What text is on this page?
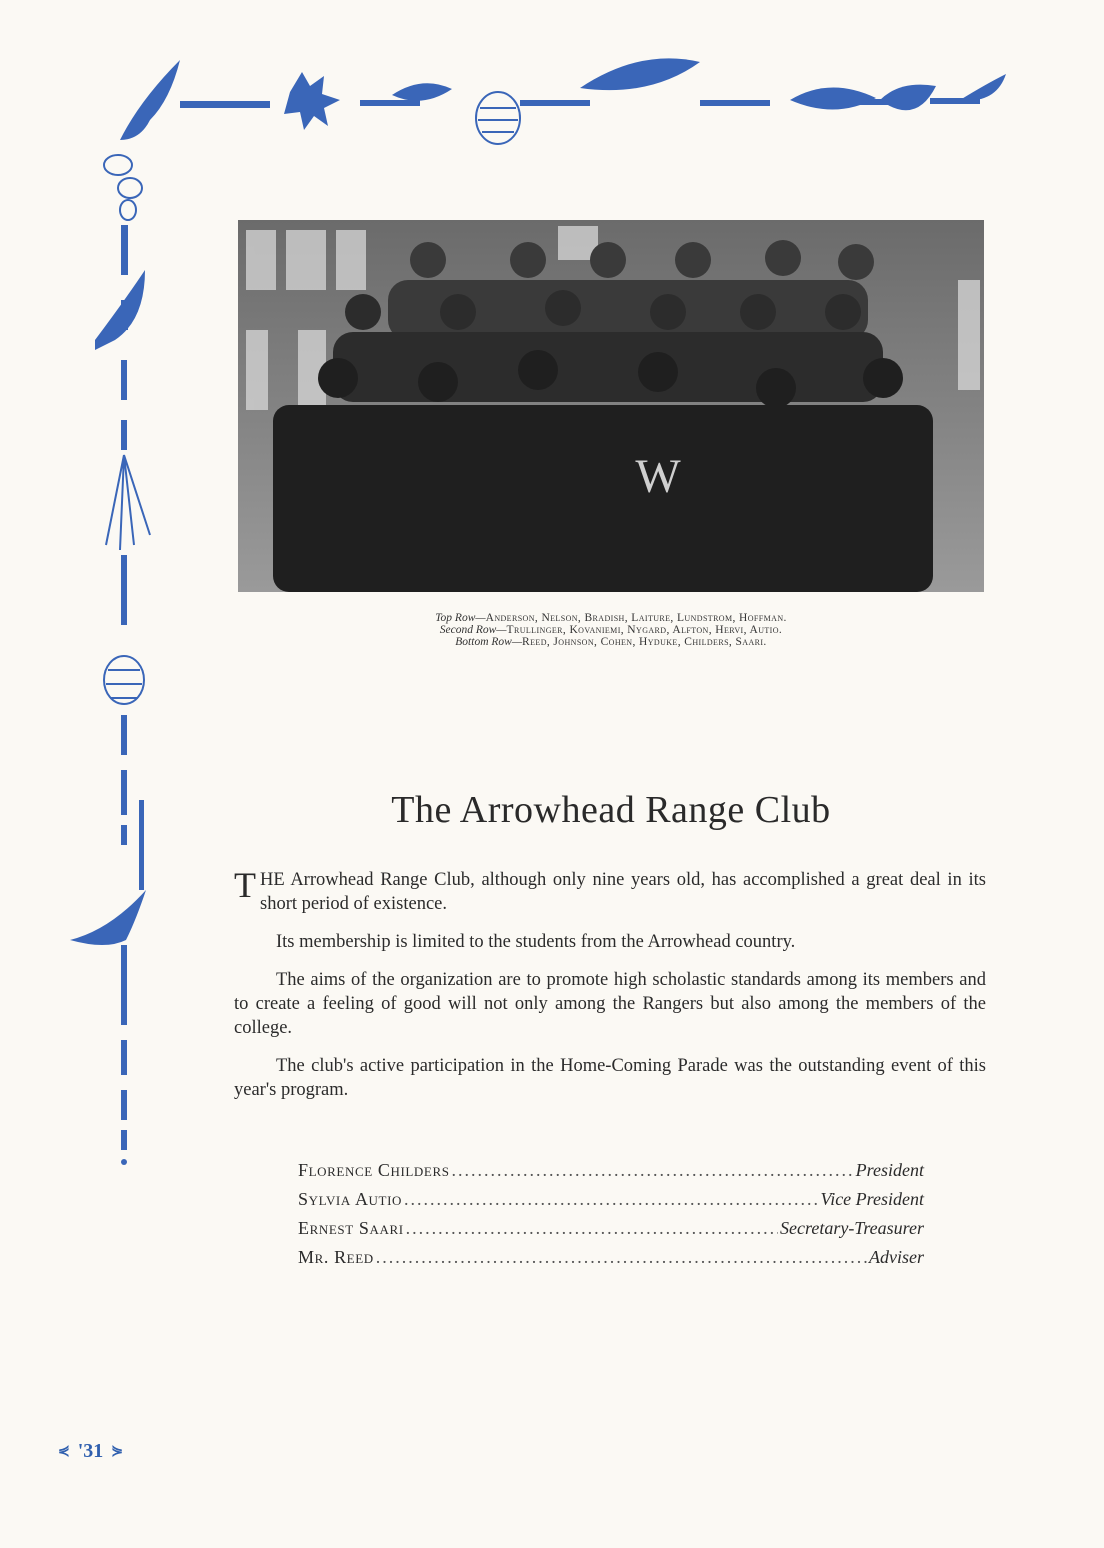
W
Top Row—Anderson, Nelson, Bradish, Laiture, Lundstrom, Hoffman.
Second Row—Trullinger, Kovaniemi, Nygard, Alfton, Hervi, Autio.
Bottom Row—Reed, Johnson, Cohen, Hyduke, Childers, Saari.
The Arrowhead Range Club

THE Arrowhead Range Club, although only nine years old, has accomplished a great deal in its short period of existence.

Its membership is limited to the students from the Arrowhead country.

The aims of the organization are to promote high scholastic standards among its members and to create a feeling of good will not only among the Rangers but also among the members of the college.

The club's active participation in the Home-Coming Parade was the outstanding event of this year's program.

Florence Childers .....	President
Sylvia Autio .....	Vice President
Ernest Saari .....	Secretary-Treasurer
Mr. Reed .....	Adviser
⋞ '31 ⋟
